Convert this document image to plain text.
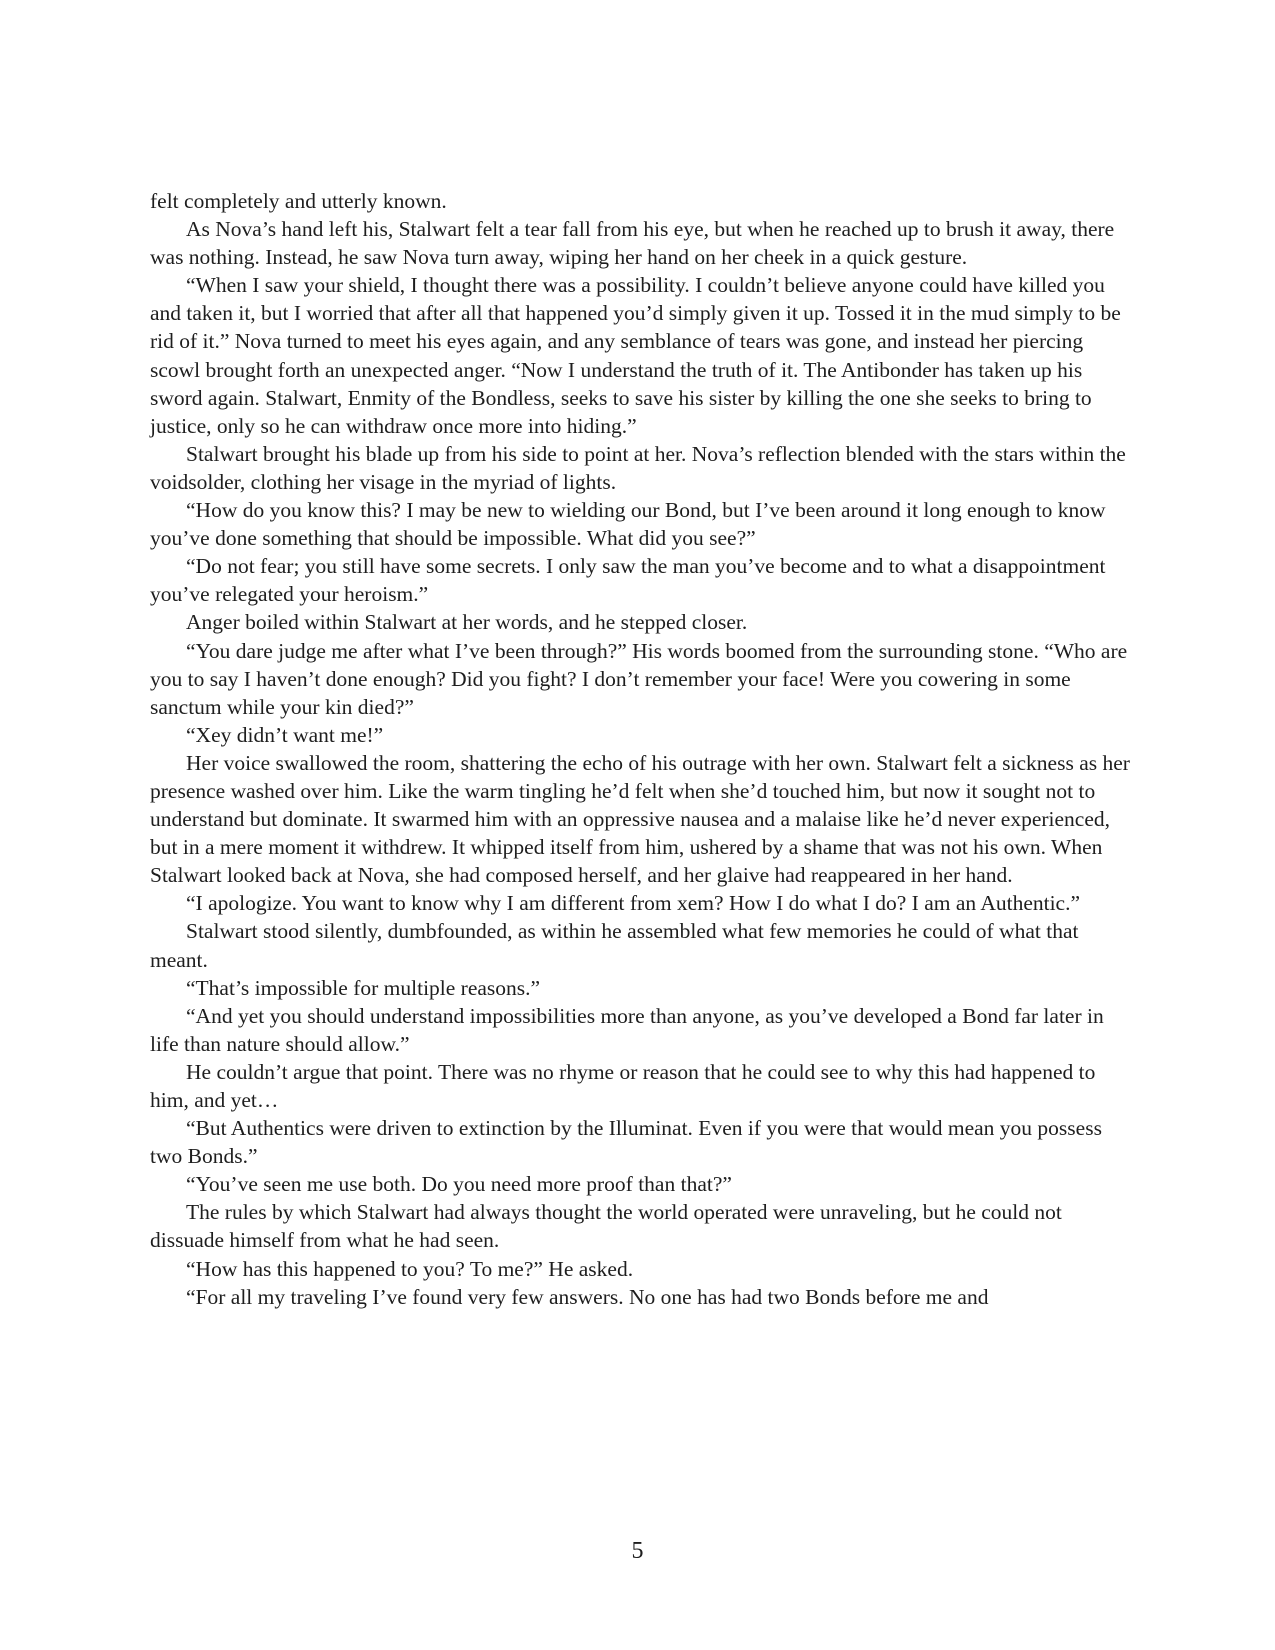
felt completely and utterly known.

As Nova’s hand left his, Stalwart felt a tear fall from his eye, but when he reached up to brush it away, there was nothing. Instead, he saw Nova turn away, wiping her hand on her cheek in a quick gesture.

“When I saw your shield, I thought there was a possibility. I couldn’t believe anyone could have killed you and taken it, but I worried that after all that happened you’d simply given it up. Tossed it in the mud simply to be rid of it.” Nova turned to meet his eyes again, and any semblance of tears was gone, and instead her piercing scowl brought forth an unexpected anger. “Now I understand the truth of it. The Antibonder has taken up his sword again. Stalwart, Enmity of the Bondless, seeks to save his sister by killing the one she seeks to bring to justice, only so he can withdraw once more into hiding.”

Stalwart brought his blade up from his side to point at her. Nova’s reflection blended with the stars within the voidsolder, clothing her visage in the myriad of lights.

“How do you know this? I may be new to wielding our Bond, but I’ve been around it long enough to know you’ve done something that should be impossible. What did you see?”

“Do not fear; you still have some secrets. I only saw the man you’ve become and to what a disappointment you’ve relegated your heroism.”

Anger boiled within Stalwart at her words, and he stepped closer.

“You dare judge me after what I’ve been through?” His words boomed from the surrounding stone. “Who are you to say I haven’t done enough? Did you fight? I don’t remember your face! Were you cowering in some sanctum while your kin died?”

“Xey didn’t want me!”

Her voice swallowed the room, shattering the echo of his outrage with her own. Stalwart felt a sickness as her presence washed over him. Like the warm tingling he’d felt when she’d touched him, but now it sought not to understand but dominate. It swarmed him with an oppressive nausea and a malaise like he’d never experienced, but in a mere moment it withdrew. It whipped itself from him, ushered by a shame that was not his own. When Stalwart looked back at Nova, she had composed herself, and her glaive had reappeared in her hand.

“I apologize. You want to know why I am different from xem? How I do what I do? I am an Authentic.”

Stalwart stood silently, dumbfounded, as within he assembled what few memories he could of what that meant.

“That’s impossible for multiple reasons.”

“And yet you should understand impossibilities more than anyone, as you’ve developed a Bond far later in life than nature should allow.”

He couldn’t argue that point. There was no rhyme or reason that he could see to why this had happened to him, and yet…

“But Authentics were driven to extinction by the Illuminat. Even if you were that would mean you possess two Bonds.”

“You’ve seen me use both. Do you need more proof than that?”

The rules by which Stalwart had always thought the world operated were unraveling, but he could not dissuade himself from what he had seen.

“How has this happened to you? To me?” He asked.

“For all my traveling I’ve found very few answers. No one has had two Bonds before me and

5
